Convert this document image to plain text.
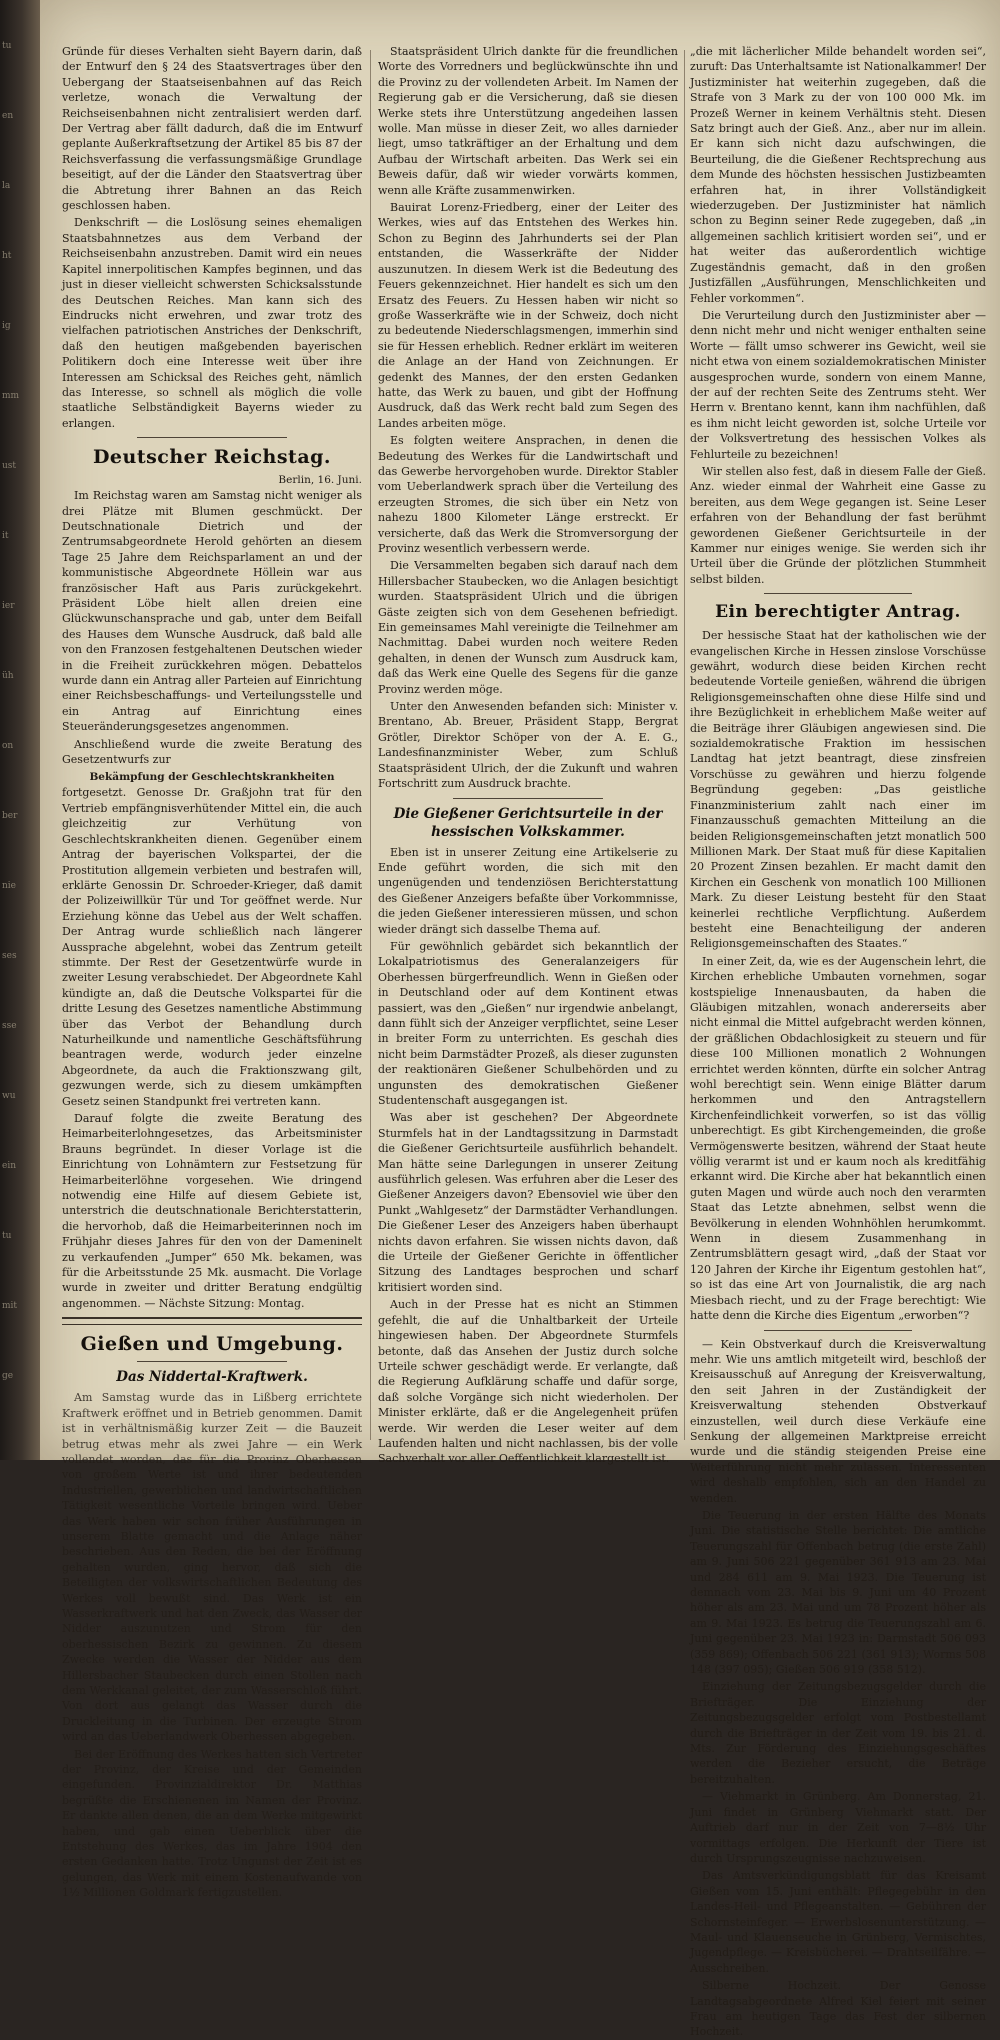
tu
en
la
ht
ig
mm
ust
it
ier
üh
on
ber
nie
ses
sse
wu
ein
tu
mit
ge

Gründe für dieses Verhalten sieht Bayern darin, daß der Entwurf den § 24 des Staatsvertrages über den Uebergang der Staatseisenbahnen auf das Reich verletze, wonach die Verwaltung der Reichseisenbahnen nicht zentralisiert werden darf. Der Vertrag aber fällt dadurch, daß die im Entwurf geplante Außerkraftsetzung der Artikel 85 bis 87 der Reichsverfassung die verfassungsmäßige Grundlage beseitigt, auf der die Länder den Staatsvertrag über die Abtretung ihrer Bahnen an das Reich geschlossen haben.

Denkschrift — die Loslösung seines ehemaligen Staatsbahnnetzes aus dem Verband der Reichseisenbahn anzustreben. Damit wird ein neues Kapitel innerpolitischen Kampfes beginnen, und das just in dieser vielleicht schwersten Schicksalsstunde des Deutschen Reiches. Man kann sich des Eindrucks nicht erwehren, und zwar trotz des vielfachen patriotischen Anstriches der Denkschrift, daß den heutigen maßgebenden bayerischen Politikern doch eine Interesse weit über ihre Interessen am Schicksal des Reiches geht, nämlich das Interesse, so schnell als möglich die volle staatliche Selbständigkeit Bayerns wieder zu erlangen.

Deutscher Reichstag.
Berlin, 16. Juni.

Im Reichstag waren am Samstag nicht weniger als drei Plätze mit Blumen geschmückt. Der Deutschnationale Dietrich und der Zentrumsabgeordnete Herold gehörten an diesem Tage 25 Jahre dem Reichsparlament an und der kommunistische Abgeordnete Höllein war aus französischer Haft aus Paris zurückgekehrt. Präsident Löbe hielt allen dreien eine Glückwunschansprache und gab, unter dem Beifall des Hauses dem Wunsche Ausdruck, daß bald alle von den Franzosen festgehaltenen Deutschen wieder in die Freiheit zurückkehren mögen. Debattelos wurde dann ein Antrag aller Parteien auf Einrichtung einer Reichsbeschaffungs- und Verteilungsstelle und ein Antrag auf Einrichtung eines Steueränderungsgesetzes angenommen.

Anschließend wurde die zweite Beratung des Gesetzentwurfs zur

Bekämpfung der Geschlechtskrankheiten

fortgesetzt. Genosse Dr. Graßjohn trat für den Vertrieb empfängnisverhütender Mittel ein, die auch gleichzeitig zur Verhütung von Geschlechtskrankheiten dienen. Gegenüber einem Antrag der bayerischen Volkspartei, der die Prostitution allgemein verbieten und bestrafen will, erklärte Genossin Dr. Schroeder-Krieger, daß damit der Polizeiwillkür Tür und Tor geöffnet werde. Nur Erziehung könne das Uebel aus der Welt schaffen. Der Antrag wurde schließlich nach längerer Aussprache abgelehnt, wobei das Zentrum geteilt stimmte. Der Rest der Gesetzentwürfe wurde in zweiter Lesung verabschiedet. Der Abgeordnete Kahl kündigte an, daß die Deutsche Volkspartei für die dritte Lesung des Gesetzes namentliche Abstimmung über das Verbot der Behandlung durch Naturheilkunde und namentliche Geschäftsführung beantragen werde, wodurch jeder einzelne Abgeordnete, da auch die Fraktionszwang gilt, gezwungen werde, sich zu diesem umkämpften Gesetz seinen Standpunkt frei vertreten kann.

Darauf folgte die zweite Beratung des Heimarbeiterlohngesetzes, das Arbeitsminister Brauns begründet. In dieser Vorlage ist die Einrichtung von Lohnämtern zur Festsetzung für Heimarbeiterlöhne vorgesehen. Wie dringend notwendig eine Hilfe auf diesem Gebiete ist, unterstrich die deutschnationale Berichterstatterin, die hervorhob, daß die Heimarbeiterinnen noch im Frühjahr dieses Jahres für den von der Dameninelt zu verkaufenden „Jumper“ 650 Mk. bekamen, was für die Arbeitsstunde 25 Mk. ausmacht. Die Vorlage wurde in zweiter und dritter Beratung endgültig angenommen. — Nächste Sitzung: Montag.

Gießen und Umgebung.
Das Niddertal-Kraftwerk.

Am Samstag wurde das in Lißberg errichtete Kraftwerk eröffnet und in Betrieb genommen. Damit ist in verhältnismäßig kurzer Zeit — die Bauzeit betrug etwas mehr als zwei Jahre — ein Werk vollendet worden, das für die Provinz Oberhessen von großem Werte ist und ihrer bedeutenden Industriellen, gewerblichen und landwirtschaftlichen Tätigkeit wesentliche Vorteile bringen wird. Ueber das Werk haben wir schon früher Ausführungen in unserem Blatte gemacht und die Anlage näher beschrieben. Aus den Reden, die bei der Eröffnung gehalten wurden, ging hervor, daß sich die Beteiligten der volkswirtschaftlichen Bedeutung des Werkes voll bewußt sind. Das Werk ist ein Wasserkraftwerk und hat den Zweck, das Wasser der Nidder auszunutzen und Strom für den oberhessischen Bezirk zu gewinnen. Zu diesem Zwecke werden die Wasser der Nidder aus dem Hillersbacher Staubecken durch einen Stollen nach dem Werkkanal geleitet, der zum Wasserschloß führt. Von dort aus gelangt das Wasser durch die Druckleitung in die Turbinen. Der erzeugte Strom wird an das Ueberlandwerk Oberhessen abgegeben.

Bei der Eröffnung des Werkes hatten sich Vertreter der Provinz, der Kreise und der Gemeinden eingefunden. Provinzialdirektor Dr. Matthias begrüßte die Erschienenen im Namen der Provinz. Er dankte allen denen, die an dem Werke mitgewirkt haben, und gab einen Ueberblick über die Entstehung des Werkes, das im Jahre 1904 den ersten Gedanken hatte. Trotz Ungunst der Zeit ist es gelungen, das Werk mit einem Kostenaufwande von 1½ Millionen Goldmark fertigzustellen.

Staatspräsident Ulrich dankte für die freundlichen Worte des Vorredners und beglückwünschte ihn und die Provinz zu der vollendeten Arbeit. Im Namen der Regierung gab er die Versicherung, daß sie diesen Werke stets ihre Unterstützung angedeihen lassen wolle. Man müsse in dieser Zeit, wo alles darnieder liegt, umso tatkräftiger an der Erhaltung und dem Aufbau der Wirtschaft arbeiten. Das Werk sei ein Beweis dafür, daß wir wieder vorwärts kommen, wenn alle Kräfte zusammenwirken.

Bauirat Lorenz-Friedberg, einer der Leiter des Werkes, wies auf das Entstehen des Werkes hin. Schon zu Beginn des Jahrhunderts sei der Plan entstanden, die Wasserkräfte der Nidder auszunutzen. In diesem Werk ist die Bedeutung des Feuers gekennzeichnet. Hier handelt es sich um den Ersatz des Feuers. Zu Hessen haben wir nicht so große Wasserkräfte wie in der Schweiz, doch nicht zu bedeutende Niederschlagsmengen, immerhin sind sie für Hessen erheblich. Redner erklärt im weiteren die Anlage an der Hand von Zeichnungen. Er gedenkt des Mannes, der den ersten Gedanken hatte, das Werk zu bauen, und gibt der Hoffnung Ausdruck, daß das Werk recht bald zum Segen des Landes arbeiten möge.

Es folgten weitere Ansprachen, in denen die Bedeutung des Werkes für die Landwirtschaft und das Gewerbe hervorgehoben wurde. Direktor Stabler vom Ueberlandwerk sprach über die Verteilung des erzeugten Stromes, die sich über ein Netz von nahezu 1800 Kilometer Länge erstreckt. Er versicherte, daß das Werk die Stromversorgung der Provinz wesentlich verbessern werde.

Die Versammelten begaben sich darauf nach dem Hillersbacher Staubecken, wo die Anlagen besichtigt wurden. Staatspräsident Ulrich und die übrigen Gäste zeigten sich von dem Gesehenen befriedigt. Ein gemeinsames Mahl vereinigte die Teilnehmer am Nachmittag. Dabei wurden noch weitere Reden gehalten, in denen der Wunsch zum Ausdruck kam, daß das Werk eine Quelle des Segens für die ganze Provinz werden möge.

Unter den Anwesenden befanden sich: Minister v. Brentano, Ab. Breuer, Präsident Stapp, Bergrat Grötler, Direktor Schöper von der A. E. G., Landesfinanzminister Weber, zum Schluß Staatspräsident Ulrich, der die Zukunft und wahren Fortschritt zum Ausdruck brachte.

Die Gießener Gerichtsurteile in der hessischen Volkskammer.

Eben ist in unserer Zeitung eine Artikelserie zu Ende geführt worden, die sich mit den ungenügenden und tendenziösen Berichterstattung des Gießener Anzeigers befaßte über Vorkommnisse, die jeden Gießener interessieren müssen, und schon wieder drängt sich dasselbe Thema auf.

Für gewöhnlich gebärdet sich bekanntlich der Lokalpatriotismus des Generalanzeigers für Oberhessen bürgerfreundlich. Wenn in Gießen oder in Deutschland oder auf dem Kontinent etwas passiert, was den „Gießen“ nur irgendwie anbelangt, dann fühlt sich der Anzeiger verpflichtet, seine Leser in breiter Form zu unterrichten. Es geschah dies nicht beim Darmstädter Prozeß, als dieser zugunsten der reaktionären Gießener Schulbehörden und zu ungunsten des demokratischen Gießener Studentenschaft ausgegangen ist.

Was aber ist geschehen? Der Abgeordnete Sturmfels hat in der Landtagssitzung in Darmstadt die Gießener Gerichtsurteile ausführlich behandelt. Man hätte seine Darlegungen in unserer Zeitung ausführlich gelesen. Was erfuhren aber die Leser des Gießener Anzeigers davon? Ebensoviel wie über den Punkt „Wahlgesetz“ der Darmstädter Verhandlungen. Die Gießener Leser des Anzeigers haben überhaupt nichts davon erfahren. Sie wissen nichts davon, daß die Urteile der Gießener Gerichte in öffentlicher Sitzung des Landtages besprochen und scharf kritisiert worden sind.

Auch in der Presse hat es nicht an Stimmen gefehlt, die auf die Unhaltbarkeit der Urteile hingewiesen haben. Der Abgeordnete Sturmfels betonte, daß das Ansehen der Justiz durch solche Urteile schwer geschädigt werde. Er verlangte, daß die Regierung Aufklärung schaffe und dafür sorge, daß solche Vorgänge sich nicht wiederholen. Der Minister erklärte, daß er die Angelegenheit prüfen werde. Wir werden die Leser weiter auf dem Laufenden halten und nicht nachlassen, bis der volle Sachverhalt vor aller Oeffentlichkeit klargestellt ist.

„die mit lächerlicher Milde behandelt worden sei“, zuruft: Das Unterhaltsamte ist Nationalkammer! Der Justizminister hat weiterhin zugegeben, daß die Strafe von 3 Mark zu der von 100 000 Mk. im Prozeß Werner in keinem Verhältnis steht. Diesen Satz bringt auch der Gieß. Anz., aber nur im allein. Er kann sich nicht dazu aufschwingen, die Beurteilung, die die Gießener Rechtsprechung aus dem Munde des höchsten hessischen Justizbeamten erfahren hat, in ihrer Vollständigkeit wiederzugeben. Der Justizminister hat nämlich schon zu Beginn seiner Rede zugegeben, daß „in allgemeinen sachlich kritisiert worden sei“, und er hat weiter das außerordentlich wichtige Zugeständnis gemacht, daß in den großen Justizfällen „Ausführungen, Menschlichkeiten und Fehler vorkommen“.

Die Verurteilung durch den Justizminister aber — denn nicht mehr und nicht weniger enthalten seine Worte — fällt umso schwerer ins Gewicht, weil sie nicht etwa von einem sozialdemokratischen Minister ausgesprochen wurde, sondern von einem Manne, der auf der rechten Seite des Zentrums steht. Wer Herrn v. Brentano kennt, kann ihm nachfühlen, daß es ihm nicht leicht geworden ist, solche Urteile vor der Volksvertretung des hessischen Volkes als Fehlurteile zu bezeichnen!

Wir stellen also fest, daß in diesem Falle der Gieß. Anz. wieder einmal der Wahrheit eine Gasse zu bereiten, aus dem Wege gegangen ist. Seine Leser erfahren von der Behandlung der fast berühmt gewordenen Gießener Gerichtsurteile in der Kammer nur einiges wenige. Sie werden sich ihr Urteil über die Gründe der plötzlichen Stummheit selbst bilden.

Ein berechtigter Antrag.

Der hessische Staat hat der katholischen wie der evangelischen Kirche in Hessen zinslose Vorschüsse gewährt, wodurch diese beiden Kirchen recht bedeutende Vorteile genießen, während die übrigen Religionsgemeinschaften ohne diese Hilfe sind und ihre Bezüglichkeit in erheblichem Maße weiter auf die Beiträge ihrer Gläubigen angewiesen sind. Die sozialdemokratische Fraktion im hessischen Landtag hat jetzt beantragt, diese zinsfreien Vorschüsse zu gewähren und hierzu folgende Begründung gegeben: „Das geistliche Finanzministerium zahlt nach einer im Finanzausschuß gemachten Mitteilung an die beiden Religionsgemeinschaften jetzt monatlich 500 Millionen Mark. Der Staat muß für diese Kapitalien 20 Prozent Zinsen bezahlen. Er macht damit den Kirchen ein Geschenk von monatlich 100 Millionen Mark. Zu dieser Leistung besteht für den Staat keinerlei rechtliche Verpflichtung. Außerdem besteht eine Benachteiligung der anderen Religionsgemeinschaften des Staates.“

In einer Zeit, da, wie es der Augenschein lehrt, die Kirchen erhebliche Umbauten vornehmen, sogar kostspielige Innenausbauten, da haben die Gläubigen mitzahlen, wonach andererseits aber nicht einmal die Mittel aufgebracht werden können, der gräßlichen Obdachlosigkeit zu steuern und für diese 100 Millionen monatlich 2 Wohnungen errichtet werden könnten, dürfte ein solcher Antrag wohl berechtigt sein. Wenn einige Blätter darum herkommen und den Antragstellern Kirchenfeindlichkeit vorwerfen, so ist das völlig unberechtigt. Es gibt Kirchengemeinden, die große Vermögenswerte besitzen, während der Staat heute völlig verarmt ist und er kaum noch als kreditfähig erkannt wird. Die Kirche aber hat bekanntlich einen guten Magen und würde auch noch den verarmten Staat das Letzte abnehmen, selbst wenn die Bevölkerung in elenden Wohnhöhlen herumkommt. Wenn in diesem Zusammenhang in Zentrumsblättern gesagt wird, „daß der Staat vor 120 Jahren der Kirche ihr Eigentum gestohlen hat“, so ist das eine Art von Journalistik, die arg nach Miesbach riecht, und zu der Frage berechtigt: Wie hatte denn die Kirche dies Eigentum „erworben“?

— Kein Obstverkauf durch die Kreisverwaltung mehr. Wie uns amtlich mitgeteilt wird, beschloß der Kreisausschuß auf Anregung der Kreisverwaltung, den seit Jahren in der Zuständigkeit der Kreisverwaltung stehenden Obstverkauf einzustellen, weil durch diese Verkäufe eine Senkung der allgemeinen Marktpreise erreicht wurde und die ständig steigenden Preise eine Weiterführung nicht mehr zulassen. Interessenten wird deshalb empfohlen, sich an den Handel zu wenden.

Die Teuerung in der ersten Hälfte des Monats Juni. Die statistische Stelle berichtet: Die amtliche Teuerungszahl für Offenbach betrug (die erste Zahl) am 9. Juni 506 221 gegenüber 361 913 am 23. Mai und 284 611 am 9. Mai 1923. Die Teuerung ist demnach vom 23. Mai bis 9. Juni um 40 Prozent höher als am 23. Mai und um 78 Prozent höher als am 9. Mai 1923. Es betrug die Teuerungszahl am 6. Juni gegenüber 23. Mai 1923 in: Darmstadt 506 093 (359 869); Offenbach 506 221 (361 913); Worms 508 148 (397 095); Gießen 506 919 (358 512).

Einziehung der Zeitungsbezugsgelder durch die Briefträger. Die Einziehung der Zeitungsbezugsgelder erfolgt vom Postbestellamt durch die Briefträger in der Zeit vom 19. bis 21. d. Mts. Zur Förderung des Einziehungsgeschäftes werden die Bezieher ersucht, die Beträge bereitzuhalten.

— Viehmarkt in Grünberg. Am Donnerstag, 21. Juni findet in Grünberg Viehmarkt statt. Der Auftrieb darf nur in der Zeit von 7—8½ Uhr vormittags erfolgen. Die Herkunft der Tiere ist durch Ursprungszeugnisse nachzuweisen.

Das Amtsverkündigungsblatt für das Kreisamt Gießen vom 15. Juni enthält: Pflegegebühr in den Landes-Heil- und Pflegeanstalten. — Gebühren der Schornsteinfeger. — Erwerbslosenunterstützung. — Maul- und Klauenseuche in Grünberg, Vermischtes, Jugendpflege. — Kreisbücherei. — Drahtseilfähre. — Ausschreiben.

Silberne Hochzeit. Der Genosse Landtagsabgeordnete Alfred Kiel feiert mit seiner Frau am heutigen Tage das Fest der silbernen Hochzeit.
